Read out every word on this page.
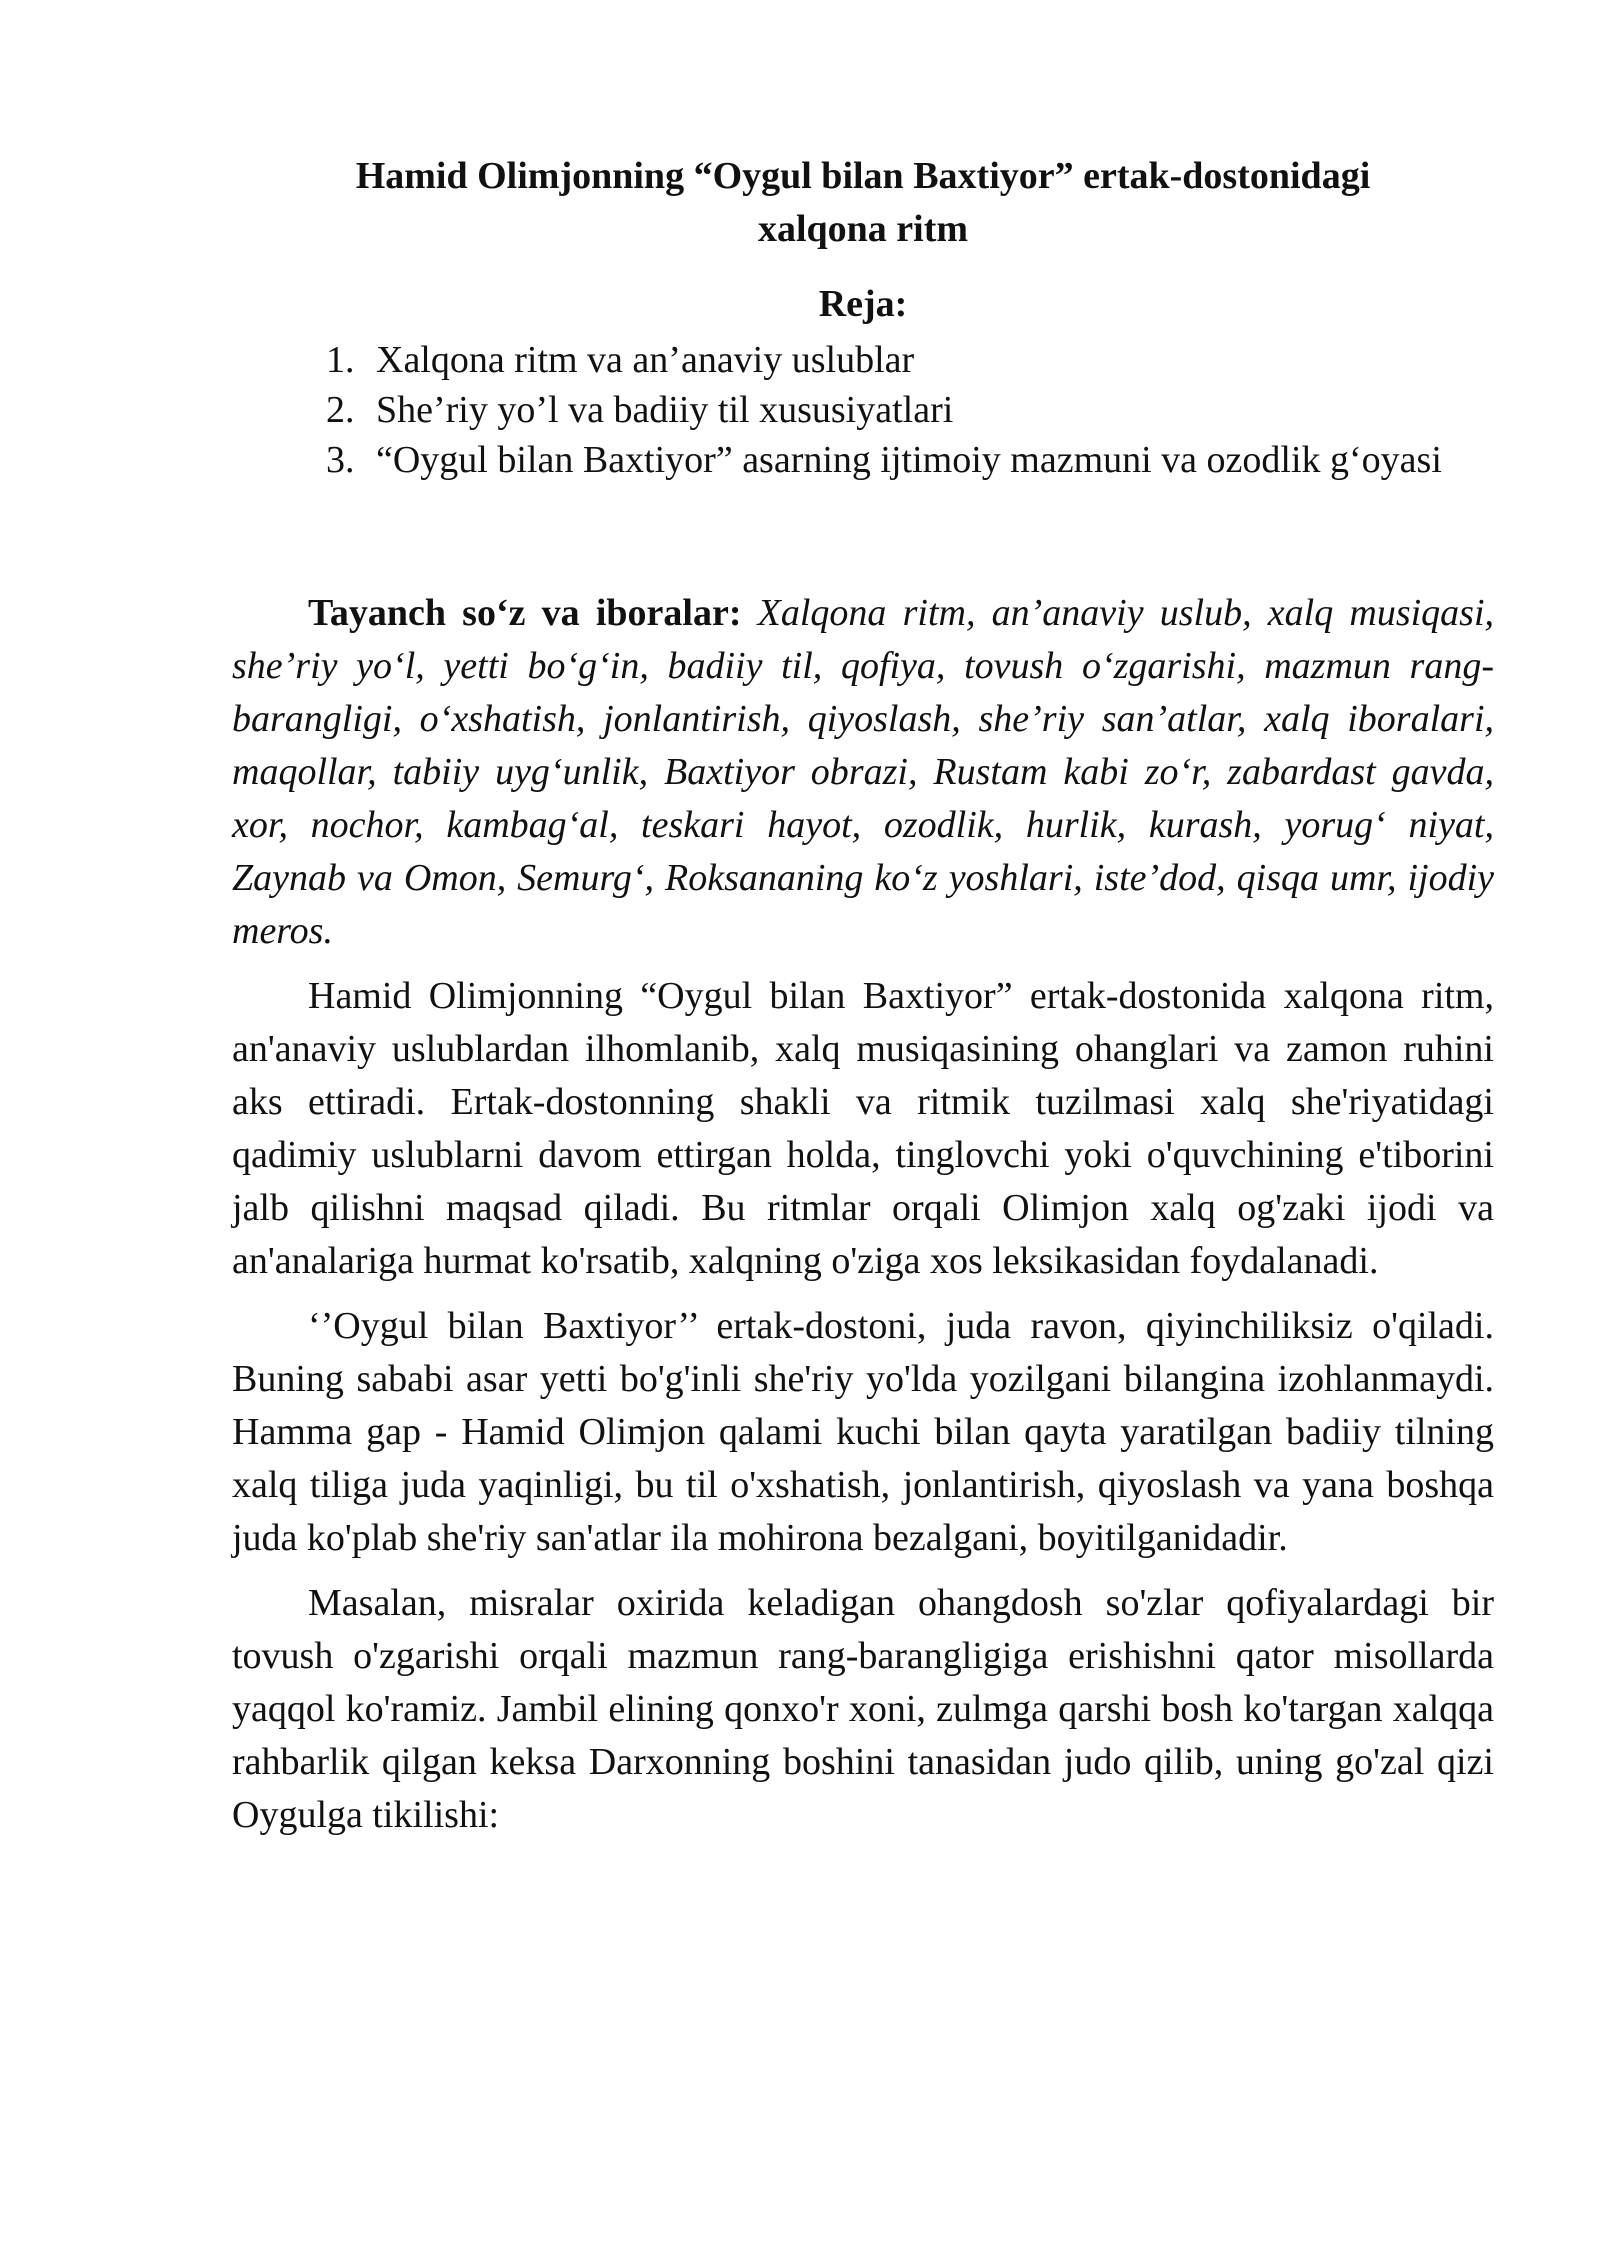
Hamid Olimjonning “Oygul bilan Baxtiyor” ertak-dostonidagi
xalqona ritm
Reja:
1. Xalqona ritm va an’anaviy uslublar
2. She’riy yo’l va badiiy til xususiyatlari
3. “Oygul bilan Baxtiyor” asarning ijtimoiy mazmuni va ozodlik g‘oyasi

Tayanch so‘z va iboralar: Xalqona ritm, an’anaviy uslub, xalq musiqasi, she’riy yo‘l, yetti bo‘g‘in, badiiy til, qofiya, tovush o‘zgarishi, mazmun rang-barangligi, o‘xshatish, jonlantirish, qiyoslash, she’riy san’atlar, xalq iboralari, maqollar, tabiiy uyg‘unlik, Baxtiyor obrazi, Rustam kabi zo‘r, zabardast gavda, xor, nochor, kambag‘al, teskari hayot, ozodlik, hurlik, kurash, yorug‘ niyat, Zaynab va Omon, Semurg‘, Roksananing ko‘z yoshlari, iste’dod, qisqa umr, ijodiy meros.

Hamid Olimjonning “Oygul bilan Baxtiyor” ertak-dostonida xalqona ritm, an'anaviy uslublardan ilhomlanib, xalq musiqasining ohanglari va zamon ruhini aks ettiradi. Ertak-dostonning shakli va ritmik tuzilmasi xalq she'riyatidagi qadimiy uslublarni davom ettirgan holda, tinglovchi yoki o'quvchining e'tiborini jalb qilishni maqsad qiladi. Bu ritmlar orqali Olimjon xalq og'zaki ijodi va an'analariga hurmat ko'rsatib, xalqning o'ziga xos leksikasidan foydalanadi.

‘’Oygul bilan Baxtiyor’’ ertak-dostoni, juda ravon, qiyinchiliksiz o'qiladi. Buning sababi asar yetti bo'g'inli she'riy yo'lda yozilgani bilangina izohlanmaydi. Hamma gap - Hamid Olimjon qalami kuchi bilan qayta yaratilgan badiiy tilning xalq tiliga juda yaqinligi, bu til o'xshatish, jonlantirish, qiyoslash va yana boshqa juda ko'plab she'riy san'atlar ila mohirona bezalgani, boyitilganidadir.

Masalan, misralar oxirida keladigan ohangdosh so'zlar qofiyalardagi bir tovush o'zgarishi orqali mazmun rang-barangligiga erishishni qator misollarda yaqqol ko'ramiz. Jambil elining qonxo'r xoni, zulmga qarshi bosh ko'targan xalqqa rahbarlik qilgan keksa Darxonning boshini tanasidan judo qilib, uning go'zal qizi Oygulga tikilishi:
